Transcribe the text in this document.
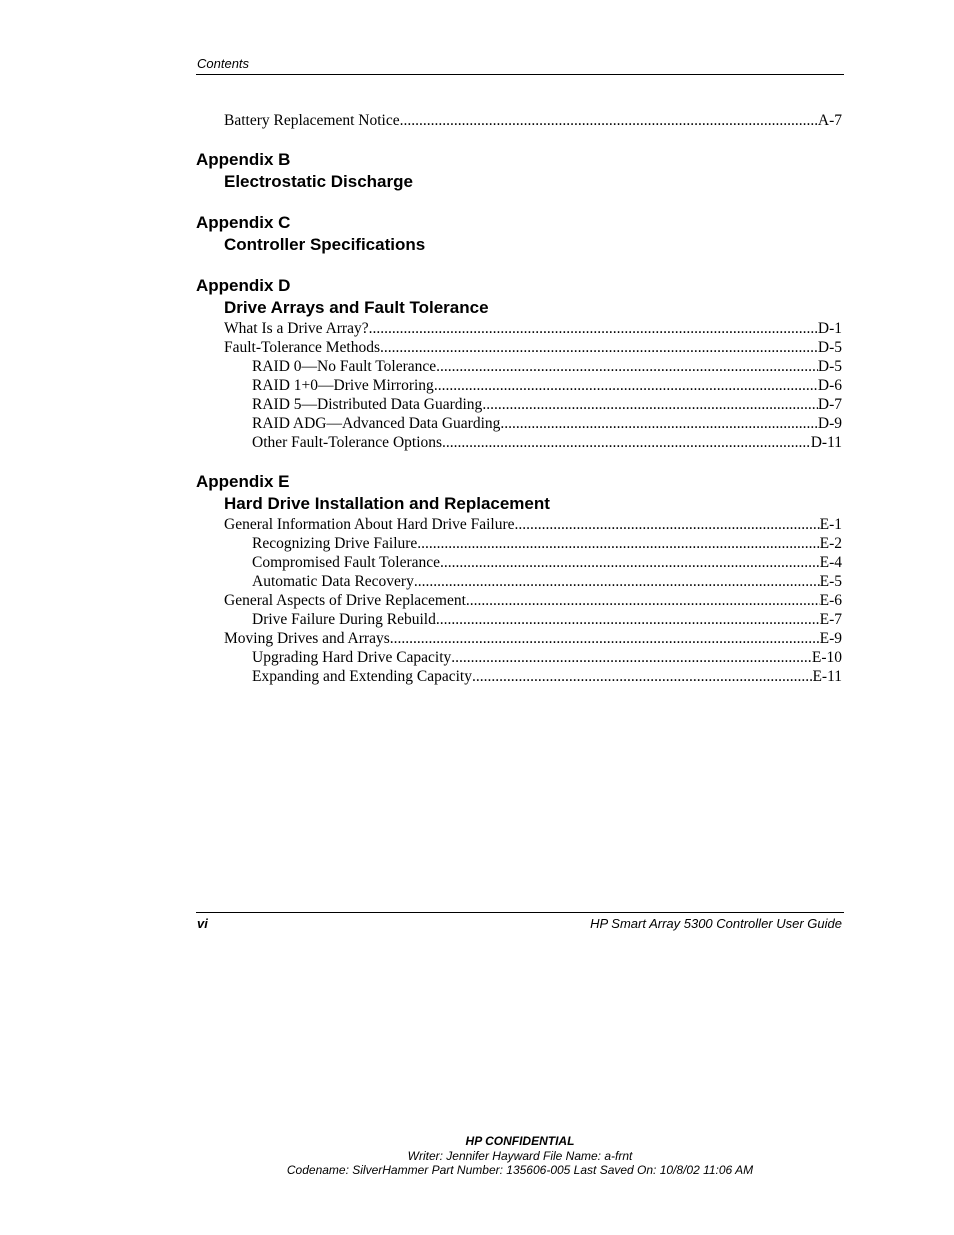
Contents
Battery Replacement Notice .....	A-7
Appendix B
Electrostatic Discharge
Appendix C
Controller Specifications
Appendix D
Drive Arrays and Fault Tolerance
What Is a Drive Array? .....	D-1
Fault-Tolerance Methods .....	D-5
RAID 0—No Fault Tolerance .....	D-5
RAID 1+0—Drive Mirroring .....	D-6
RAID 5—Distributed Data Guarding .....	D-7
RAID ADG—Advanced Data Guarding .....	D-9
Other Fault-Tolerance Options .....	D-11
Appendix E
Hard Drive Installation and Replacement
General Information About Hard Drive Failure .....	E-1
Recognizing Drive Failure .....	E-2
Compromised Fault Tolerance .....	E-4
Automatic Data Recovery .....	E-5
General Aspects of Drive Replacement .....	E-6
Drive Failure During Rebuild .....	E-7
Moving Drives and Arrays .....	E-9
Upgrading Hard Drive Capacity .....	E-10
Expanding and Extending Capacity .....	E-11
vi	HP Smart Array 5300 Controller User Guide
HP CONFIDENTIAL
Writer: Jennifer Hayward File Name: a-frnt
Codename: SilverHammer Part Number: 135606-005 Last Saved On: 10/8/02 11:06 AM
